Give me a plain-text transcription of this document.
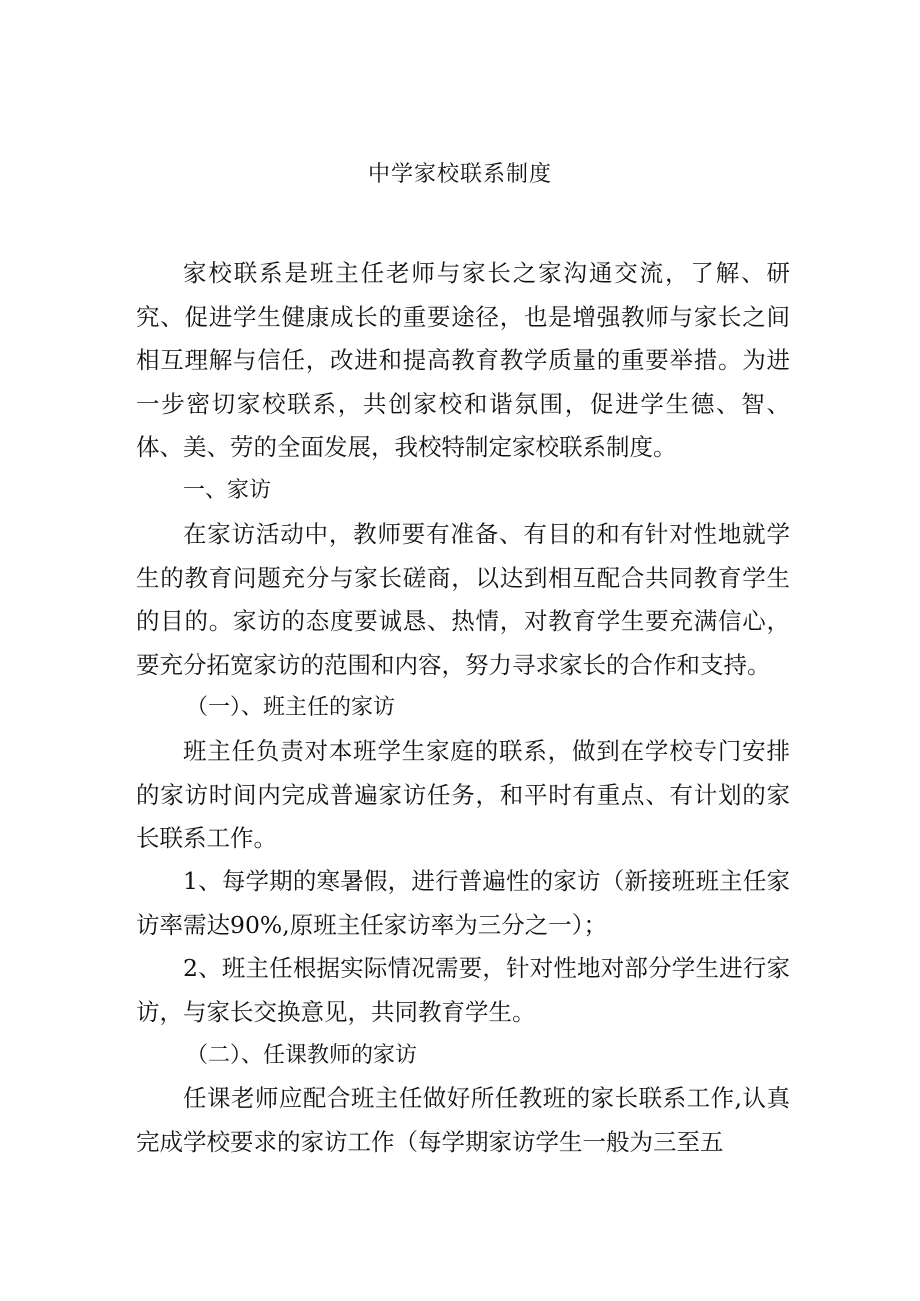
中学家校联系制度

家校联系是班主任老师与家长之家沟通交流，了解、研究、促进学生健康成长的重要途径，也是增强教师与家长之间相互理解与信任，改进和提高教育教学质量的重要举措。为进一步密切家校联系，共创家校和谐氛围，促进学生德、智、体、美、劳的全面发展，我校特制定家校联系制度。

一、家访

在家访活动中，教师要有准备、有目的和有针对性地就学生的教育问题充分与家长磋商，以达到相互配合共同教育学生的目的。家访的态度要诚恳、热情，对教育学生要充满信心，要充分拓宽家访的范围和内容，努力寻求家长的合作和支持。

（一）、班主任的家访

班主任负责对本班学生家庭的联系，做到在学校专门安排的家访时间内完成普遍家访任务，和平时有重点、有计划的家长联系工作。

1、每学期的寒暑假，进行普遍性的家访（新接班班主任家访率需达90%,原班主任家访率为三分之一）；

2、班主任根据实际情况需要，针对性地对部分学生进行家访，与家长交换意见，共同教育学生。

（二）、任课教师的家访

任课老师应配合班主任做好所任教班的家长联系工作,认真完成学校要求的家访工作（每学期家访学生一般为三至五
